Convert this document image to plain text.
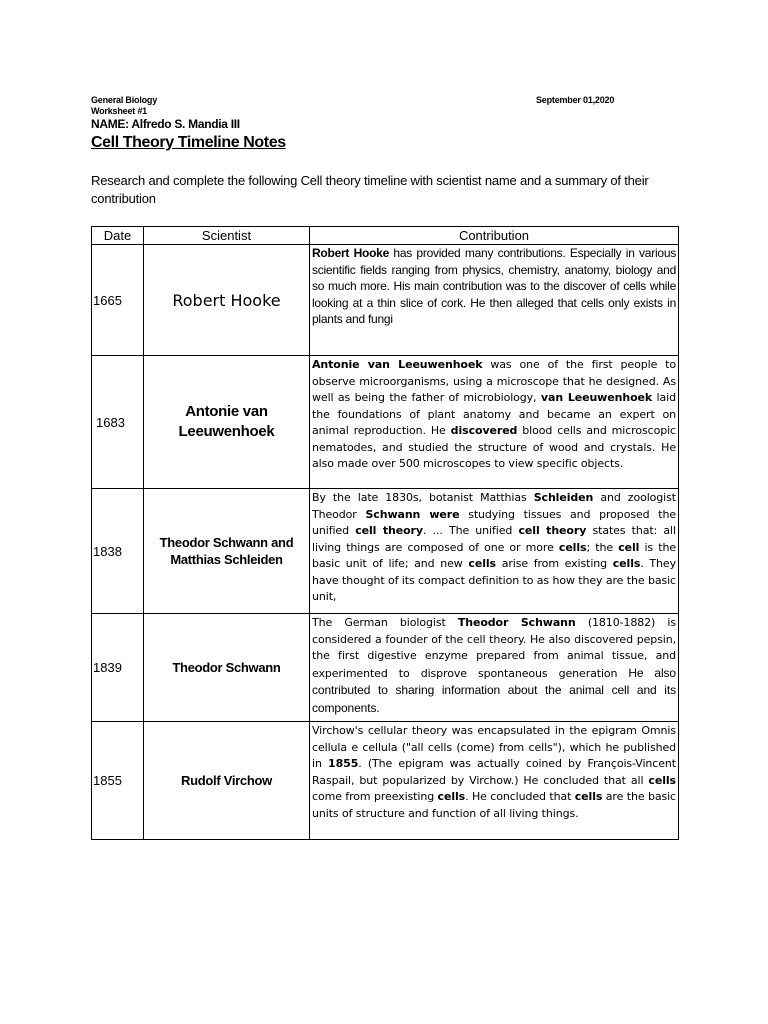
General Biology
Worksheet #1
September 01,2020
NAME: Alfredo S. Mandia III
Cell Theory Timeline Notes
Research and complete the following Cell theory timeline with scientist name and a summary of their contribution
Date	Scientist	Contribution
1665	Robert Hooke	Robert Hooke has provided many contributions. Especially in various scientific fields ranging from physics, chemistry, anatomy, biology and so much more. His main contribution was to the discover of cells while looking at a thin slice of cork. He then alleged that cells only exists in plants and fungi
1683	Antonie van Leeuwenhoek	Antonie van Leeuwenhoek was one of the first people to observe microorganisms, using a microscope that he designed. As well as being the father of microbiology, van Leeuwenhoek laid the foundations of plant anatomy and became an expert on animal reproduction. He discovered blood cells and microscopic nematodes, and studied the structure of wood and crystals. He also made over 500 microscopes to view specific objects.
1838	Theodor Schwann and Matthias Schleiden	By the late 1830s, botanist Matthias Schleiden and zoologist Theodor Schwann were studying tissues and proposed the unified cell theory. ... The unified cell theory states that: all living things are composed of one or more cells; the cell is the basic unit of life; and new cells arise from existing cells. They have thought of its compact definition to as how they are the basic unit,
1839	Theodor Schwann	The German biologist Theodor Schwann (1810-1882) is considered a founder of the cell theory. He also discovered pepsin, the first digestive enzyme prepared from animal tissue, and experimented to disprove spontaneous generation He also contributed to sharing information about the animal cell and its components.
1855	Rudolf Virchow	Virchow's cellular theory was encapsulated in the epigram Omnis cellula e cellula ("all cells (come) from cells"), which he published in 1855. (The epigram was actually coined by François-Vincent Raspail, but popularized by Virchow.) He concluded that all cells come from preexisting cells. He concluded that cells are the basic units of structure and function of all living things.
